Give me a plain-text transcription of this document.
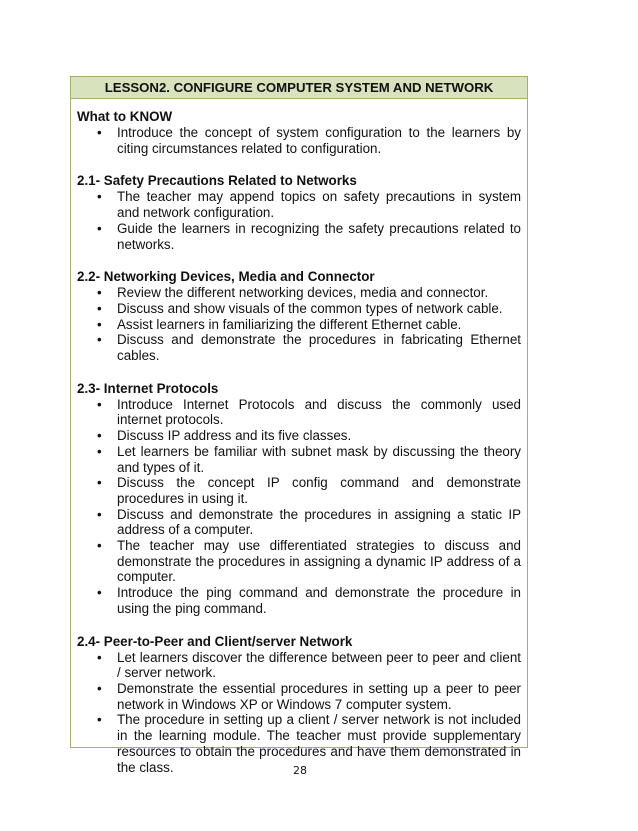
LESSON2. CONFIGURE COMPUTER SYSTEM AND NETWORK
What to KNOW
• Introduce the concept of system configuration to the learners by citing circumstances related to configuration.
2.1- Safety Precautions Related to Networks
• The teacher may append topics on safety precautions in system and network configuration.
• Guide the learners in recognizing the safety precautions related to networks.
2.2- Networking Devices, Media and Connector
• Review the different networking devices, media and connector.
• Discuss and show visuals of the common types of network cable.
• Assist learners in familiarizing the different Ethernet cable.
• Discuss and demonstrate the procedures in fabricating Ethernet cables.
2.3- Internet Protocols
• Introduce Internet Protocols and discuss the commonly used internet protocols.
• Discuss IP address and its five classes.
• Let learners be familiar with subnet mask by discussing the theory and types of it.
• Discuss the concept IP config command and demonstrate procedures in using it.
• Discuss and demonstrate the procedures in assigning a static IP address of a computer.
• The teacher may use differentiated strategies to discuss and demonstrate the procedures in assigning a dynamic IP address of a computer.
• Introduce the ping command and demonstrate the procedure in using the ping command.
2.4- Peer-to-Peer and Client/server Network
• Let learners discover the difference between peer to peer and client / server network.
• Demonstrate the essential procedures in setting up a peer to peer network in Windows XP or Windows 7 computer system.
• The procedure in setting up a client / server network is not included in the learning module. The teacher must provide supplementary resources to obtain the procedures and have them demonstrated in the class.	28
